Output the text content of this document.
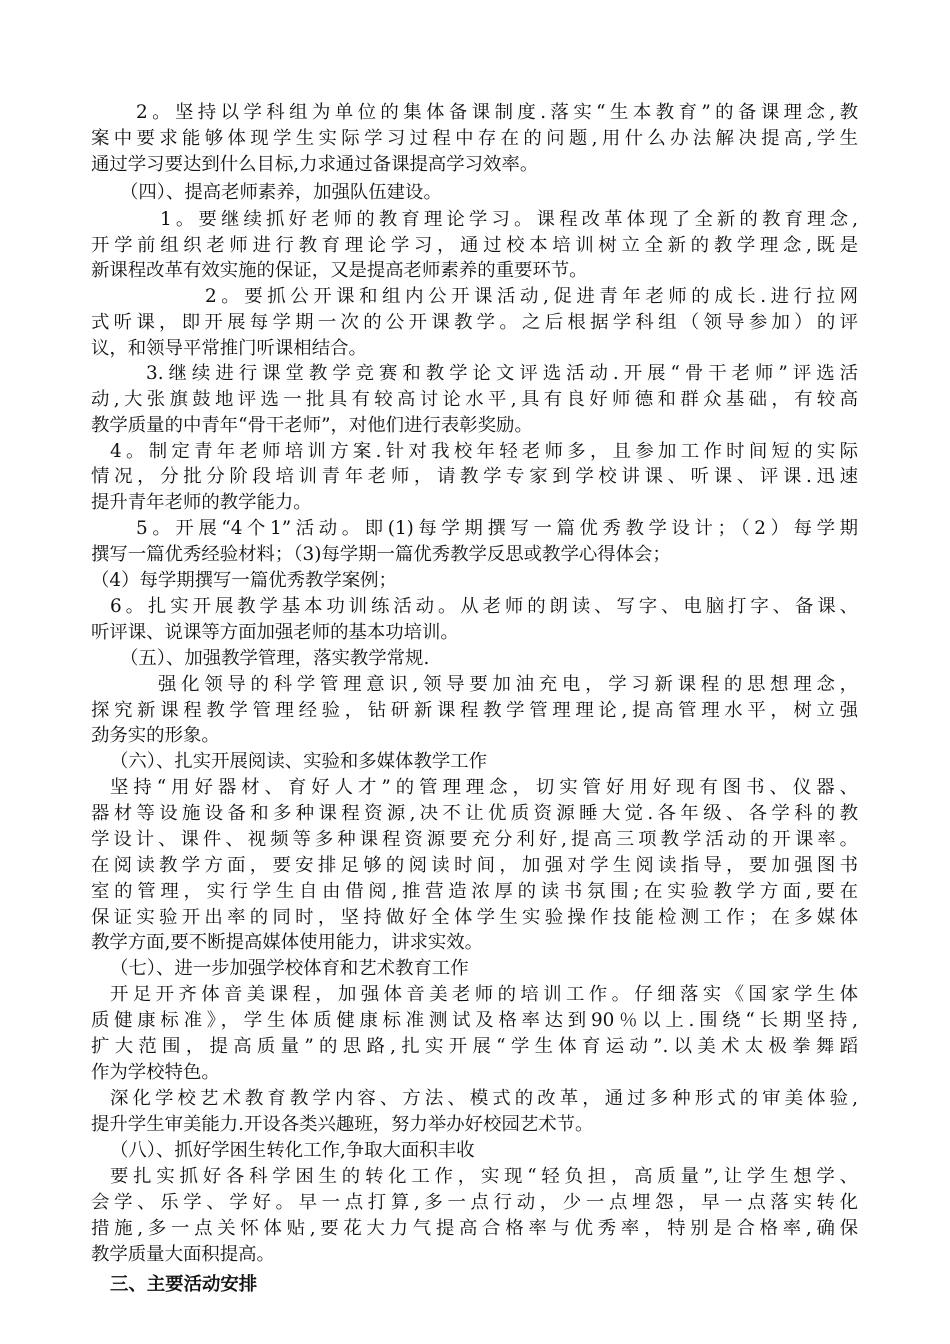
2。坚持以学科组为单位的集体备课制度.落实“生本教育”的备课理念,教
案中要求能够体现学生实际学习过程中存在的问题,用什么办法解决提高,学生
通过学习要达到什么目标,力求通过备课提高学习效率。
（四）、提高老师素养，加强队伍建设。
1。要继续抓好老师的教育理论学习。课程改革体现了全新的教育理念,
开学前组织老师进行教育理论学习，通过校本培训树立全新的教学理念,既是
新课程改革有效实施的保证，又是提高老师素养的重要环节。
2。要抓公开课和组内公开课活动,促进青年老师的成长.进行拉网
式听课，即开展每学期一次的公开课教学。之后根据学科组（领导参加）的评
议，和领导平常推门听课相结合。
3.继续进行课堂教学竞赛和教学论文评选活动.开展“骨干老师”评选活
动,大张旗鼓地评选一批具有较高讨论水平,具有良好师德和群众基础，有较高
教学质量的中青年“骨干老师”，对他们进行表彰奖励。
4。制定青年老师培训方案.针对我校年轻老师多，且参加工作时间短的实际
情况，分批分阶段培训青年老师，请教学专家到学校讲课、听课、评课.迅速
提升青年老师的教学能力。
5。开展“4个1”活动。即(1)每学期撰写一篇优秀教学设计；（2）每学期
撰写一篇优秀经验材料；（3)每学期一篇优秀教学反思或教学心得体会；
（4）每学期撰写一篇优秀教学案例；
6。扎实开展教学基本功训练活动。从老师的朗读、写字、电脑打字、备课、
听评课、说课等方面加强老师的基本功培训。
（五）、加强教学管理，落实教学常规.
强化领导的科学管理意识,领导要加油充电，学习新课程的思想理念，
探究新课程教学管理经验，钻研新课程教学管理理论,提高管理水平，树立强
劲务实的形象。
（六）、扎实开展阅读、实验和多媒体教学工作
坚持“用好器材、育好人才”的管理理念，切实管好用好现有图书、仪器、
器材等设施设备和多种课程资源,决不让优质资源睡大觉.各年级、各学科的教
学设计、课件、视频等多种课程资源要充分利好,提高三项教学活动的开课率。
在阅读教学方面，要安排足够的阅读时间，加强对学生阅读指导，要加强图书
室的管理，实行学生自由借阅,推营造浓厚的读书氛围;在实验教学方面,要在
保证实验开出率的同时，坚持做好全体学生实验操作技能检测工作；在多媒体
教学方面,要不断提高媒体使用能力，讲求实效。
（七）、进一步加强学校体育和艺术教育工作
开足开齐体音美课程，加强体音美老师的培训工作。仔细落实《国家学生体
质健康标准》，学生体质健康标准测试及格率达到90％以上.围绕“长期坚持,
扩大范围，提高质量”的思路,扎实开展“学生体育运动”.以美术太极拳舞蹈
作为学校特色。
深化学校艺术教育教学内容、方法、模式的改革，通过多种形式的审美体验,
提升学生审美能力.开设各类兴趣班，努力举办好校园艺术节。
（八）、抓好学困生转化工作,争取大面积丰收
要扎实抓好各科学困生的转化工作，实现“轻负担，高质量”,让学生想学、
会学、乐学、学好。早一点打算,多一点行动，少一点埋怨，早一点落实转化
措施,多一点关怀体贴,要花大力气提高合格率与优秀率，特别是合格率,确保
教学质量大面积提高。
三、主要活动安排
